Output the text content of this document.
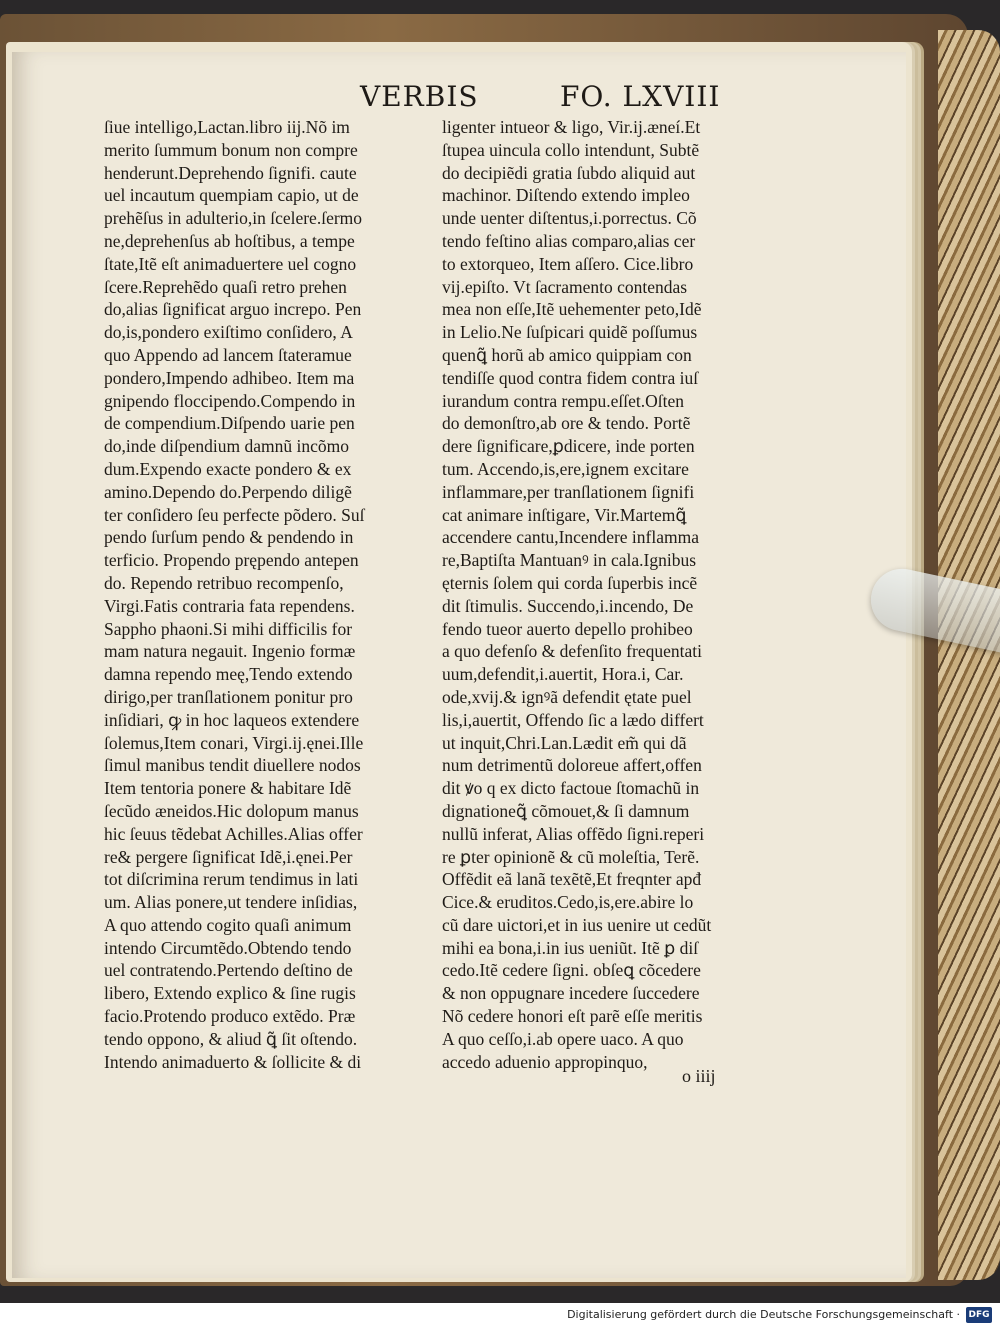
VERBIS	FO. LXVIII
ſiue intelligo,Lactan.libro iij.Nõ im
merito ſummum bonum non compre
henderunt.Deprehendo ſignifi. caute
uel incautum quempiam capio, ut de
prehẽſus in adulterio,in ſcelere.ſermo
ne,deprehenſus ab hoſtibus, a tempe
ſtate,Itẽ eſt animaduertere uel cogno
ſcere.Reprehẽdo quaſi retro prehen
do,alias ſignificat arguo increpo. Pen
do,is,pondero exiſtimo conſidero, A
quo Appendo ad lancem ſtateramue
pondero,Impendo adhibeo. Item ma
gnipendo floccipendo.Compendo in
de compendium.Diſpendo uarie pen
do,inde diſpendium damnũ incõmo
dum.Expendo exacte pondero & ex
amino.Dependo do.Perpendo diligẽ
ter conſidero ſeu perfecte põdero. Suſ
pendo ſurſum pendo & pendendo in
terficio. Propendo prępendo antepen
do. Rependo retribuo recompenſo,
Virgi.Fatis contraria fata rependens.
Sappho phaoni.Si mihi difficilis for
mam natura negauit. Ingenio formæ
damna rependo meę,Tendo extendo
dirigo,per tranſlationem ponitur pro
inſidiari, ꝙ in hoc laqueos extendere
ſolemus,Item conari, Virgi.ij.ęnei.Ille
ſimul manibus tendit diuellere nodos
Item tentoria ponere & habitare Idẽ
ſecũdo æneidos.Hic dolopum manus
hic ſeuus tẽdebat Achilles.Alias offer
re& pergere ſignificat Idẽ,i.ęnei.Per
tot diſcrimina rerum tendimus in lati
um. Alias ponere,ut tendere inſidias,
A quo attendo cogito quaſi animum
intendo Circumtẽdo.Obtendo tendo
uel contratendo.Pertendo deſtino de
libero, Extendo explico & ſine rugis
facio.Protendo produco extẽdo. Præ
tendo oppono, & aliud ꝗ̃ ſit oſtendo.
Intendo animaduerto & ſollicite & di
ligenter intueor & ligo, Vir.ij.æneí.Et
ſtupea uincula collo intendunt, Subtẽ
do decipiẽdi gratia ſubdo aliquid aut
machinor. Diſtendo extendo impleo
unde uenter diſtentus,i.porrectus. Cõ
tendo feſtino alias comparo,alias cer
to extorqueo, Item aſſero. Cice.libro
vij.epiſto. Vt ſacramento contendas
mea non eſſe,Itẽ uehementer peto,Idẽ
in Lelio.Ne ſuſpicari quidẽ poſſumus
quenꝗ̃ horũ ab amico quippiam con
tendiſſe quod contra fidem contra iuſ
iurandum contra rempu.eſſet.Oſten
do demonſtro,ab ore & tendo. Portẽ
dere ſignificare,ꝑdicere, inde porten
tum. Accendo,is,ere,ignem excitare
inflammare,per tranſlationem ſignifi
cat animare inſtigare, Vir.Martemꝗ̃
accendere cantu,Incendere inflamma
re,Baptiſta Mantuanꝰ in cala.Ignibus
ęternis ſolem qui corda ſuperbis incẽ
dit ſtimulis. Succendo,i.incendo, De
fendo tueor auerto depello prohibeo
a quo defenſo & defenſito frequentati
uum,defendit,i.auertit, Hora.i, Car.
ode,xvij.& ignꝰã defendit ętate puel
lis,i,auertit, Offendo ſic a lædo differt
ut inquit,Chri.Lan.Lædit em̃ qui dã
num detrimentũ doloreue affert,offen
dit ꝟo q ex dicto factoue ſtomachũ in
dignationeꝗ̃ cõmouet,& ſi damnum
nullũ inferat, Alias offẽdo ſigni.reperi
re ꝑter opinionẽ & cũ moleſtia, Terẽ.
Offẽdit eã lanã texẽtẽ,Et freqnter apđ
Cice.& eruditos.Cedo,is,ere.abire lo
cũ dare uictori,et in ius uenire ut cedũt
mihi ea bona,i.in ius ueniũt. Itẽ ꝑ diſ
cedo.Itẽ cedere ſigni. obſeꝗ cõcedere
& non oppugnare incedere ſuccedere
Nõ cedere honori eſt parẽ eſſe meritis
A quo ceſſo,i.ab opere uaco. A quo
accedo aduenio appropinquo,
o iiij
Digitalisierung gefördert durch die Deutsche Forschungsgemeinschaft · DFG
